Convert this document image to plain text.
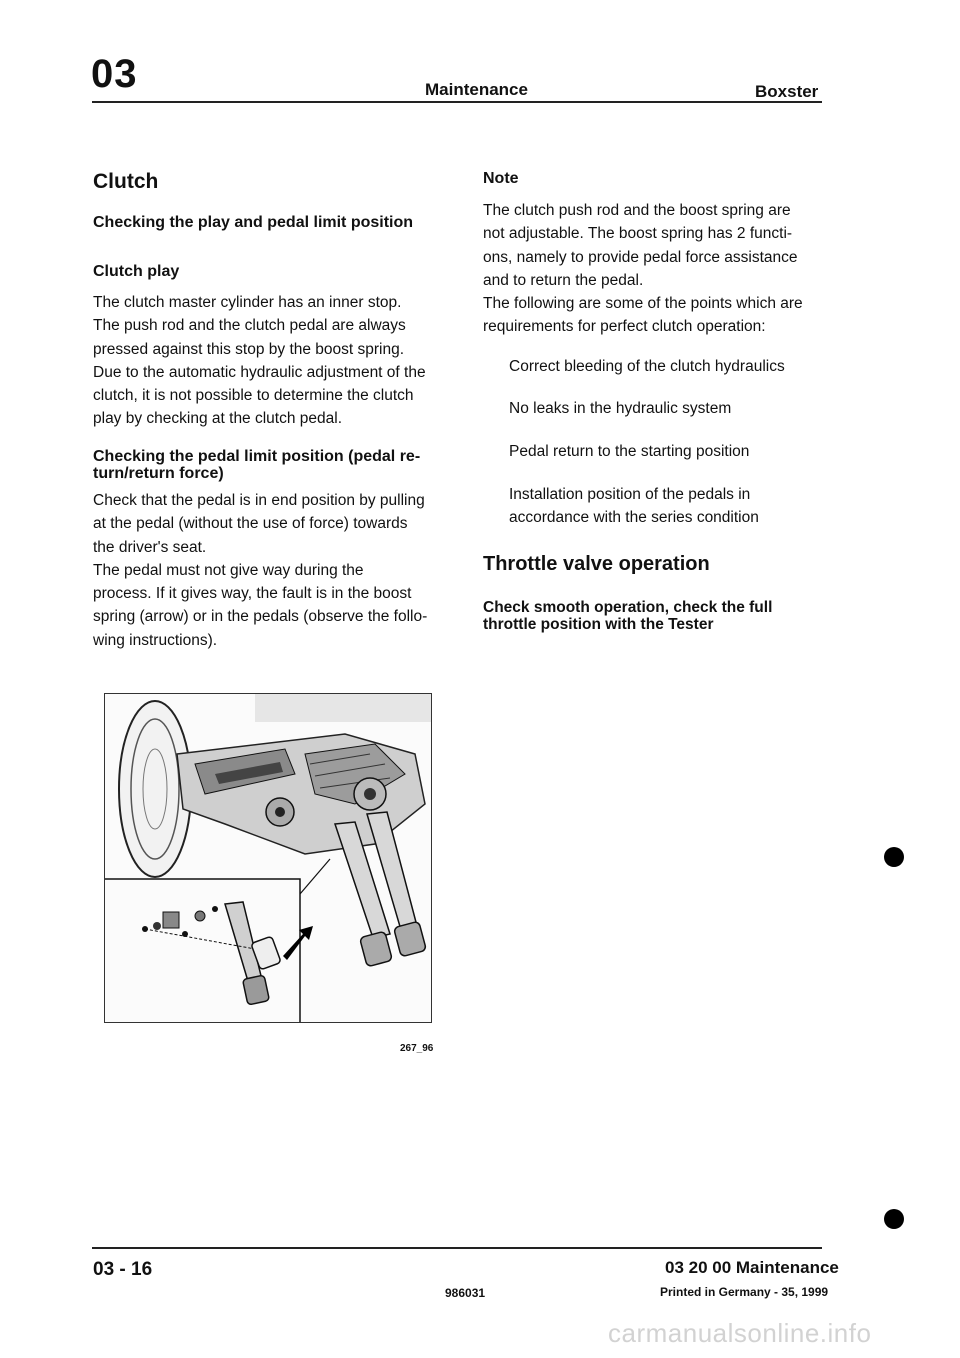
03	Maintenance	Boxster
Clutch
Checking the play and pedal limit position
Clutch play
The clutch master cylinder has an inner stop.
The push rod and the clutch pedal are always
pressed against this stop by the boost spring.
Due to the automatic hydraulic adjustment of the
clutch, it is not possible to determine the clutch
play by checking at the clutch pedal.
Checking the pedal limit position (pedal re-
turn/return force)
Check that the pedal is in end position by pulling
at the pedal (without the use of force) towards
the driver's seat.
The pedal must not give way during the
process. If it gives way, the fault is in the boost
spring (arrow) or in the pedals (observe the follo-
wing instructions).
267_96
Note
The clutch push rod and the boost spring are
not adjustable. The boost spring has 2 functi-
ons, namely to provide pedal force assistance
and to return the pedal.
The following are some of the points which are
requirements for perfect clutch operation:
Correct bleeding of the clutch hydraulics
No leaks in the hydraulic system
Pedal return to the starting position
Installation position of the pedals in
accordance with the series condition
Throttle valve operation
Check smooth operation, check the full
throttle position with the Tester
03 - 16	03 20 00 Maintenance
986031	Printed in Germany - 35, 1999
carmanualsonline.info
